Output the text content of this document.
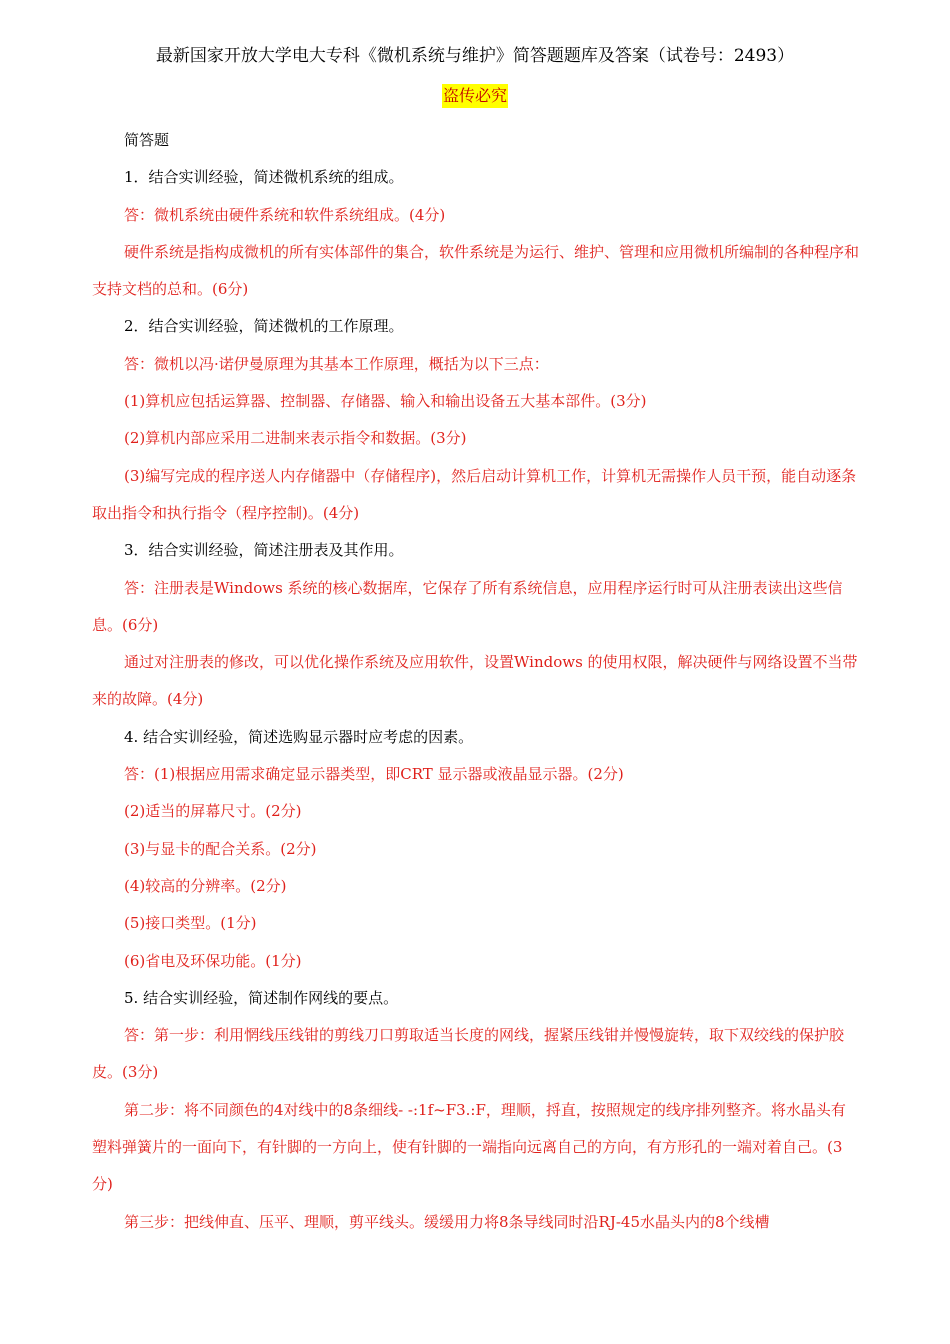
最新国家开放大学电大专科《微机系统与维护》简答题题库及答案（试卷号：2493）
盗传必究

简答题

1．结合实训经验，简述微机系统的组成。

答：微机系统由硬件系统和软件系统组成。(4分)

硬件系统是指构成微机的所有实体部件的集合，软件系统是为运行、维护、管理和应用微机所编制的各种程序和支持文档的总和。(6分)

2．结合实训经验，简述微机的工作原理。

答：微机以冯·诺伊曼原理为其基本工作原理，概括为以下三点：

(1)算机应包括运算器、控制器、存储器、输入和输出设备五大基本部件。(3分)

(2)算机内部应采用二进制来表示指令和数据。(3分)

(3)编写完成的程序送人内存储器中（存储程序)，然后启动计算机工作，计算机无需操作人员干预，能自动逐条取出指令和执行指令（程序控制)。(4分)

3．结合实训经验，简述注册表及其作用。

答：注册表是Windows 系统的核心数据库，它保存了所有系统信息，应用程序运行时可从注册表读出这些信息。(6分)

通过对注册表的修改，可以优化操作系统及应用软件，设置Windows 的使用权限，解决硬件与网络设置不当带来的故障。(4分)

4. 结合实训经验，简述选购显示器时应考虑的因素。

答：(1)根据应用需求确定显示器类型，即CRT 显示器或液晶显示器。(2分)

(2)适当的屏幕尺寸。(2分)

(3)与显卡的配合关系。(2分)

(4)较高的分辨率。(2分)

(5)接口类型。(1分)

(6)省电及环保功能。(1分)

5. 结合实训经验，简述制作网线的要点。

答：第一步：利用惘线压线钳的剪线刀口剪取适当长度的网线，握紧压线钳并慢慢旋转，取下双绞线的保护胶皮。(3分)

第二步：将不同颜色的4对线中的8条细线- -:1f~F3.:F，理顺，捋直，按照规定的线序排列整齐。将水晶头有塑料弹簧片的一面向下，有针脚的一方向上，使有针脚的一端指向远离自己的方向，有方形孔的一端对着自己。(3分)

第三步：把线伸直、压平、理顺，剪平线头。缓缓用力将8条导线同时沿RJ-45水晶头内的8个线槽
